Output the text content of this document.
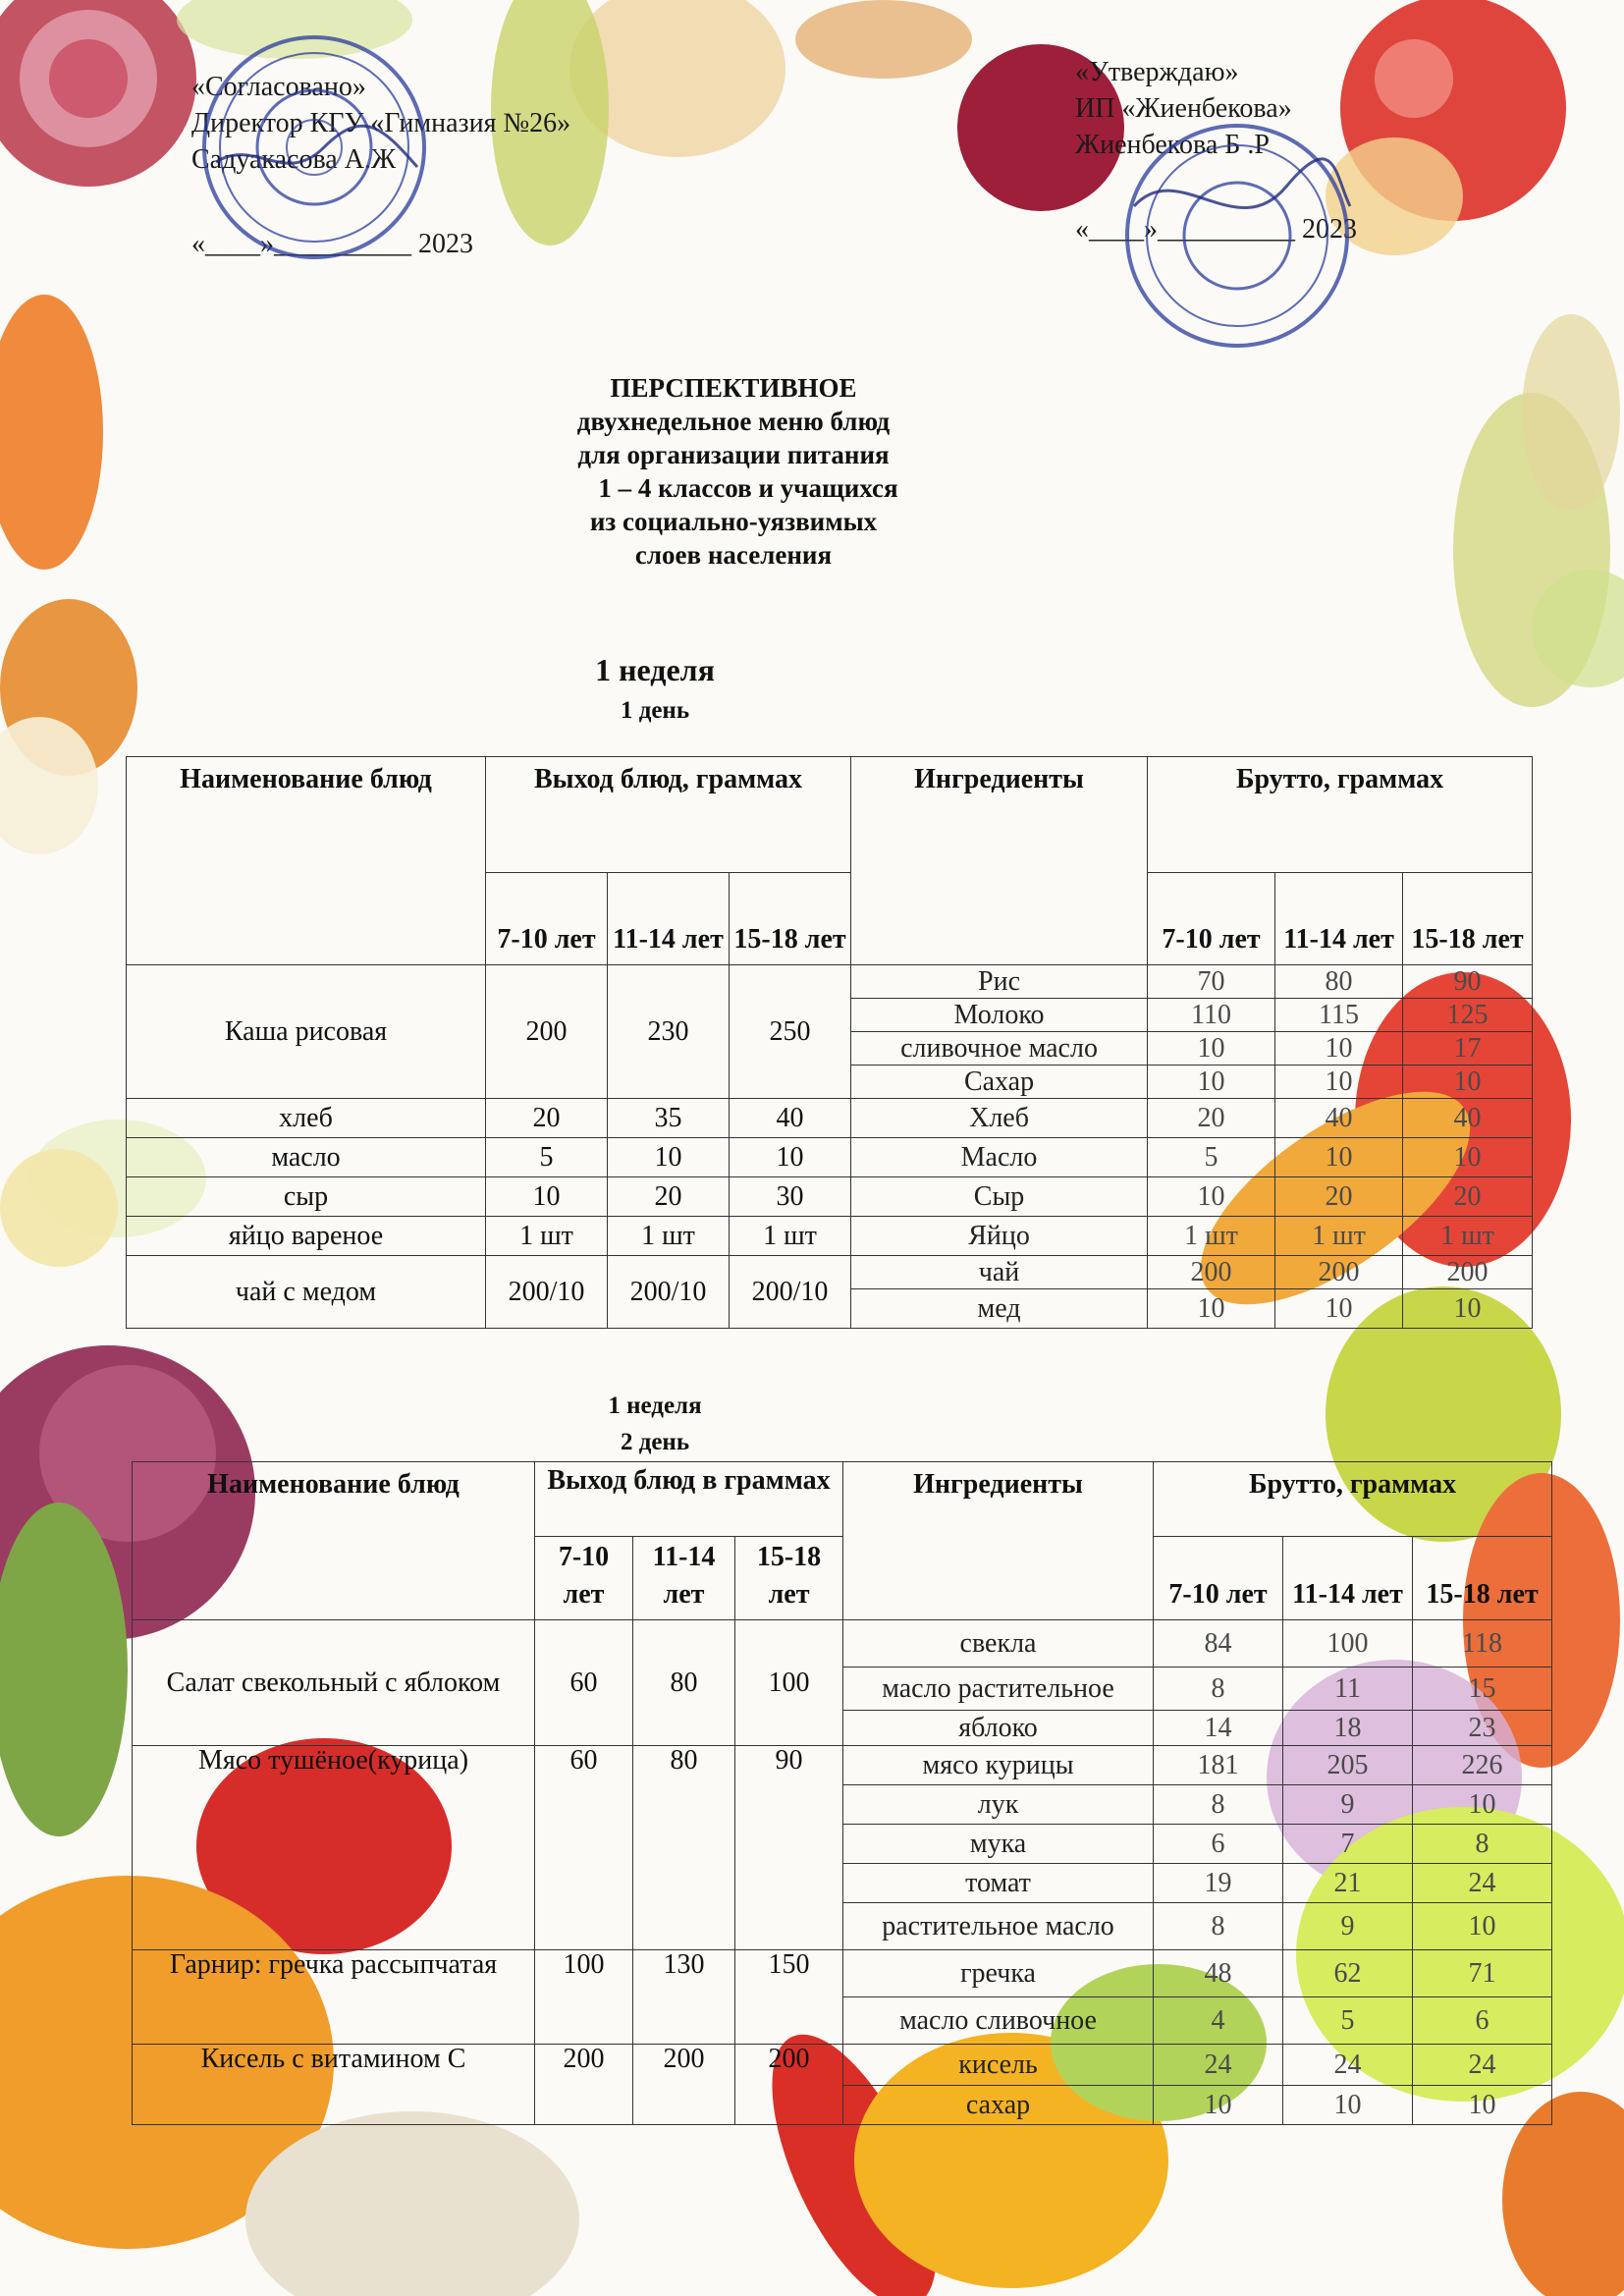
«Согласовано»
Директор КГУ «Гимназия №26»
Садуакасова А.Ж
«____»__________ 2023
«Утверждаю»
ИП «Жиенбекова»
Жиенбекова Б .Р
«____»__________ 2023
ПЕРСПЕКТИВНОЕ
двухнедельное меню блюд
для организации питания
1 – 4 классов и учащихся
из социально-уязвимых
слоев населения
1 неделя
1 день
Наименование блюд	Выход блюд, граммах			Ингредиенты	Брутто, граммах		
	7-10 лет	11-14 лет	15-18 лет		7-10 лет	11-14 лет	15-18 лет
Каша рисовая	200	230	250	Рис	70	80	90
				Молоко	110	115	125
				сливочное масло	10	10	17
				Сахар	10	10	10
хлеб	20	35	40	Хлеб	20	40	40
масло	5	10	10	Масло	5	10	10
сыр	10	20	30	Сыр	10	20	20
яйцо вареное	1 шт	1 шт	1 шт	Яйцо	1 шт	1 шт	1 шт
чай с медом	200/10	200/10	200/10	чай	200	200	200
				мед	10	10	10
1 неделя
2 день
Наименование блюд	Выход блюд в граммах			Ингредиенты	Брутто, граммах		
	7-10 лет	11-14 лет	15-18 лет		7-10 лет	11-14 лет	15-18 лет
Салат свекольный с яблоком	60	80	100	свекла	84	100	118
				масло растительное	8	11	15
				яблоко	14	18	23
Мясо тушёное(курица)	60	80	90	мясо курицы	181	205	226
				лук	8	9	10
				мука	6	7	8
				томат	19	21	24
				растительное масло	8	9	10
Гарнир: гречка рассыпчатая	100	130	150	гречка	48	62	71
				масло сливочное	4	5	6
Кисель с витамином С	200	200	200	кисель	24	24	24
				сахар	10	10	10
